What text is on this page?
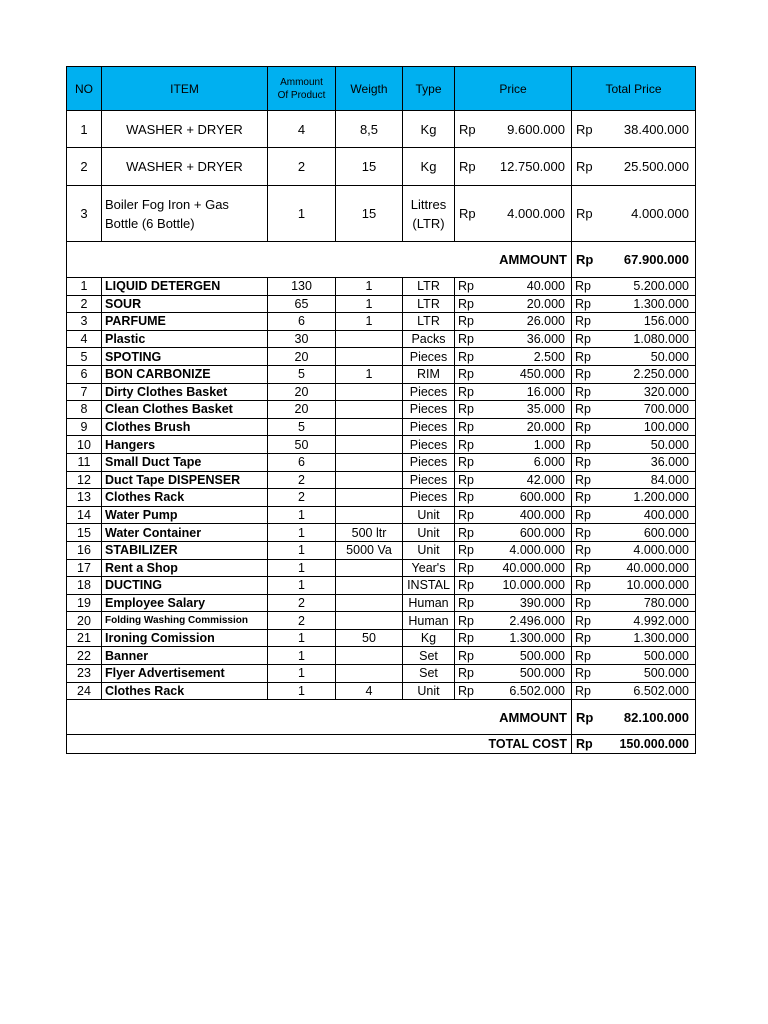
NO	ITEM	Ammount
Of Product	Weigth	Type	Price		Total Price	
1	WASHER + DRYER	4	8,5	Kg	Rp	9.600.000	Rp	38.400.000
2	WASHER + DRYER	2	15	Kg	Rp	12.750.000	Rp	25.500.000
3	Boiler Fog Iron + Gas Bottle (6 Bottle)	1	15	Littres (LTR)	Rp	4.000.000	Rp	4.000.000
AMMOUNT							Rp	67.900.000
1	LIQUID DETERGEN	130	1	LTR	Rp	40.000	Rp	5.200.000
2	SOUR	65	1	LTR	Rp	20.000	Rp	1.300.000
3	PARFUME	6	1	LTR	Rp	26.000	Rp	156.000
4	Plastic	30		Packs	Rp	36.000	Rp	1.080.000
5	SPOTING	20		Pieces	Rp	2.500	Rp	50.000
6	BON CARBONIZE	5	1	RIM	Rp	450.000	Rp	2.250.000
7	Dirty Clothes Basket	20		Pieces	Rp	16.000	Rp	320.000
8	Clean Clothes Basket	20		Pieces	Rp	35.000	Rp	700.000
9	Clothes Brush	5		Pieces	Rp	20.000	Rp	100.000
10	Hangers	50		Pieces	Rp	1.000	Rp	50.000
11	Small Duct Tape	6		Pieces	Rp	6.000	Rp	36.000
12	Duct Tape DISPENSER	2		Pieces	Rp	42.000	Rp	84.000
13	Clothes Rack	2		Pieces	Rp	600.000	Rp	1.200.000
14	Water Pump	1		Unit	Rp	400.000	Rp	400.000
15	Water Container	1	500 ltr	Unit	Rp	600.000	Rp	600.000
16	STABILIZER	1	5000 Va	Unit	Rp	4.000.000	Rp	4.000.000
17	Rent a Shop	1		Year's	Rp	40.000.000	Rp	40.000.000
18	DUCTING	1		INSTAL	Rp	10.000.000	Rp	10.000.000
19	Employee Salary	2		Human	Rp	390.000	Rp	780.000
20	Folding Washing Commission	2		Human	Rp	2.496.000	Rp	4.992.000
21	Ironing Comission	1	50	Kg	Rp	1.300.000	Rp	1.300.000
22	Banner	1		Set	Rp	500.000	Rp	500.000
23	Flyer Advertisement	1		Set	Rp	500.000	Rp	500.000
24	Clothes Rack	1	4	Unit	Rp	6.502.000	Rp	6.502.000
AMMOUNT							Rp	82.100.000
TOTAL COST							Rp	150.000.000
